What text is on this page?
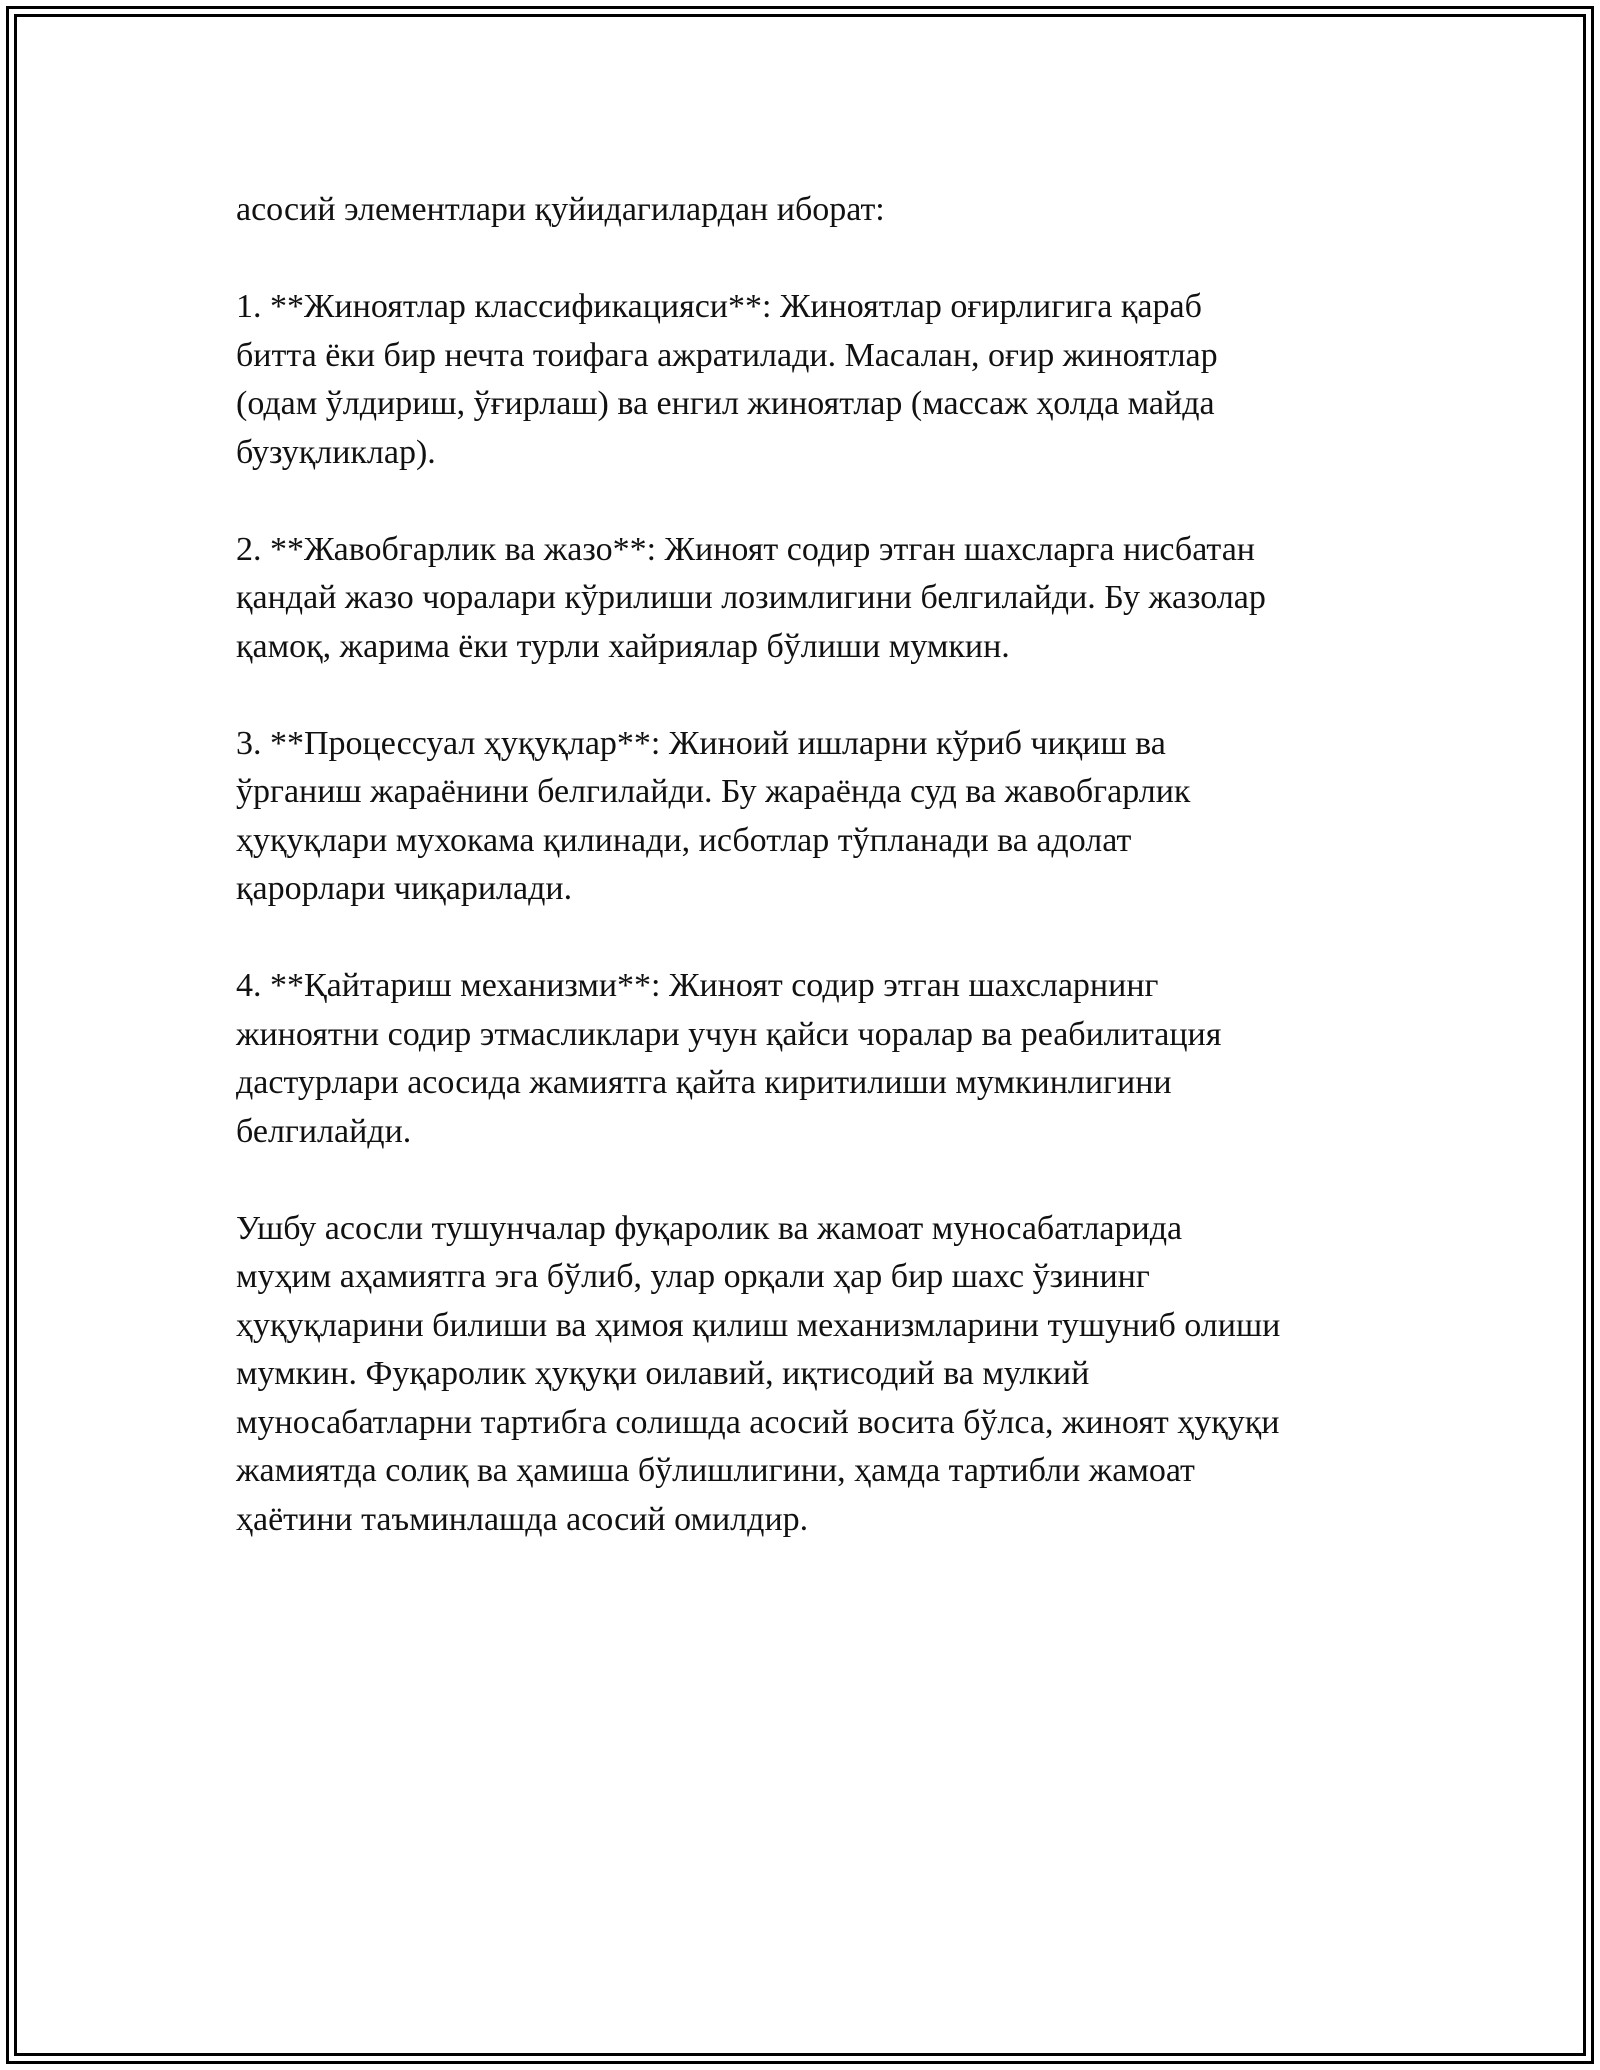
асосий элементлари қуйидагилардан иборат:

1. **Жиноятлар классификацияси**: Жиноятлар оғирлигига қараб
битта ёки бир нечта тоифага ажратилади. Масалан, оғир жиноятлар
(одам ўлдириш, ўғирлаш) ва енгил жиноятлар (массаж ҳолда майда
бузуқликлар).

2. **Жавобгарлик ва жазо**: Жиноят содир этган шахсларга нисбатан
қандай жазо чоралари кўрилиши лозимлигини белгилайди. Бу жазолар
қамоқ, жарима ёки турли хайриялар бўлиши мумкин.

3. **Процессуал ҳуқуқлар**: Жиноий ишларни кўриб чиқиш ва
ўрганиш жараёнини белгилайди. Бу жараёнда суд ва жавобгарлик
ҳуқуқлари мухокама қилинади, исботлар тўпланади ва адолат
қарорлари чиқарилади.

4. **Қайтариш механизми**: Жиноят содир этган шахсларнинг
жиноятни содир этмасликлари учун қайси чоралар ва реабилитация
дастурлари асосида жамиятга қайта киритилиши мумкинлигини
белгилайди.

Ушбу асосли тушунчалар фуқаролик ва жамоат муносабатларида
муҳим аҳамиятга эга бўлиб, улар орқали ҳар бир шахс ўзининг
ҳуқуқларини билиши ва ҳимоя қилиш механизмларини тушуниб олиши
мумкин. Фуқаролик ҳуқуқи оилавий, иқтисодий ва мулкий
муносабатларни тартибга солишда асосий восита бўлса, жиноят ҳуқуқи
жамиятда солиқ ва ҳамиша бўлишлигини, ҳамда тартибли жамоат
ҳаётини таъминлашда асосий омилдир.
